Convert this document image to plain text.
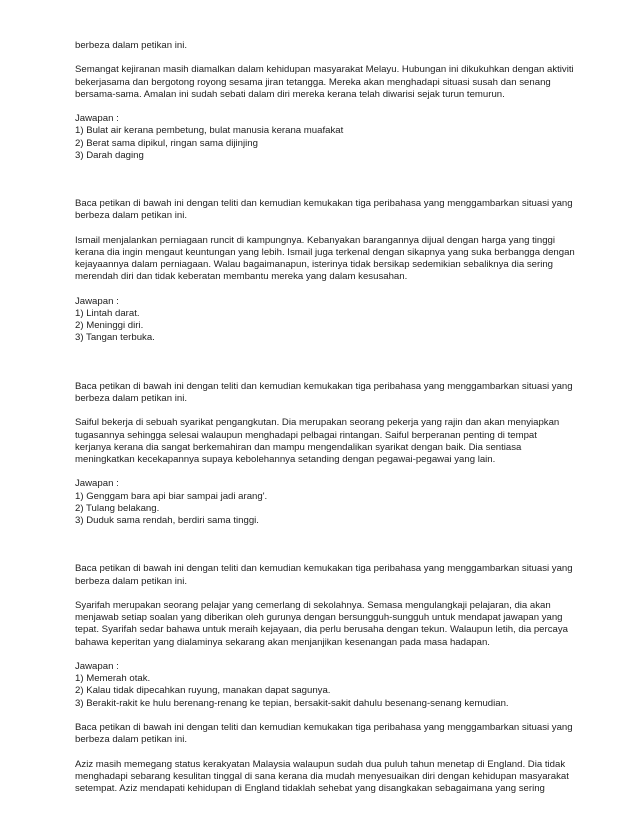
berbeza dalam petikan ini.

Semangat kejiranan masih diamalkan dalam kehidupan masyarakat Melayu. Hubungan ini dikukuhkan dengan aktiviti bekerjasama dan bergotong royong sesama jiran tetangga. Mereka akan menghadapi situasi susah dan senang bersama-sama. Amalan ini sudah sebati dalam diri mereka kerana telah diwarisi sejak turun temurun.

Jawapan :

1) Bulat air kerana pembetung, bulat manusia kerana muafakat

2) Berat sama dipikul, ringan sama dijinjing

3) Darah daging

Baca petikan di bawah ini dengan teliti dan kemudian kemukakan tiga peribahasa yang menggambarkan situasi yang berbeza dalam petikan ini.

Ismail menjalankan perniagaan runcit di kampungnya. Kebanyakan barangannya dijual dengan harga yang tinggi kerana dia ingin mengaut keuntungan yang lebih. Ismail juga terkenal dengan sikapnya yang suka berbangga dengan kejayaannya dalam perniagaan. Walau bagaimanapun, isterinya tidak bersikap sedemikian sebaliknya dia sering merendah diri dan tidak keberatan membantu mereka yang dalam kesusahan.

Jawapan :

1) Lintah darat.

2) Meninggi diri.

3) Tangan terbuka.

Baca petikan di bawah ini dengan teliti dan kemudian kemukakan tiga peribahasa yang menggambarkan situasi yang berbeza dalam petikan ini.

Saiful bekerja di sebuah syarikat pengangkutan. Dia merupakan seorang pekerja yang rajin dan akan menyiapkan tugasannya sehingga selesai walaupun menghadapi pelbagai rintangan. Saiful berperanan penting di tempat kerjanya kerana dia sangat berkemahiran dan mampu mengendalikan syarikat dengan baik. Dia sentiasa meningkatkan kecekapannya supaya kebolehannya setanding dengan pegawai-pegawai yang lain.

Jawapan :

1) Genggam bara api biar sampai jadi arang'.

2) Tulang belakang.

3) Duduk sama rendah, berdiri sama tinggi.

Baca petikan di bawah ini dengan teliti dan kemudian kemukakan tiga peribahasa yang menggambarkan situasi yang berbeza dalam petikan ini.

Syarifah merupakan seorang pelajar yang cemerlang di sekolahnya. Semasa mengulangkaji pelajaran, dia akan menjawab setiap soalan yang diberikan oleh gurunya dengan bersungguh-sungguh untuk mendapat jawapan yang tepat. Syarifah sedar bahawa untuk meraih kejayaan, dia perlu berusaha dengan tekun. Walaupun letih, dia percaya bahawa keperitan yang dialaminya sekarang akan menjanjikan kesenangan pada masa hadapan.

Jawapan :

1) Memerah otak.

2) Kalau tidak dipecahkan ruyung, manakan dapat sagunya.

3) Berakit-rakit ke hulu berenang-renang ke tepian, bersakit-sakit dahulu besenang-senang kemudian.

Baca petikan di bawah ini dengan teliti dan kemudian kemukakan tiga peribahasa yang menggambarkan situasi yang berbeza dalam petikan ini.

Aziz masih memegang status kerakyatan Malaysia walaupun sudah dua puluh tahun menetap di England. Dia tidak menghadapi sebarang kesulitan tinggal di sana kerana dia mudah menyesuaikan diri dengan kehidupan masyarakat setempat. Aziz mendapati kehidupan di England tidaklah sehebat yang disangkakan sebagaimana yang sering
